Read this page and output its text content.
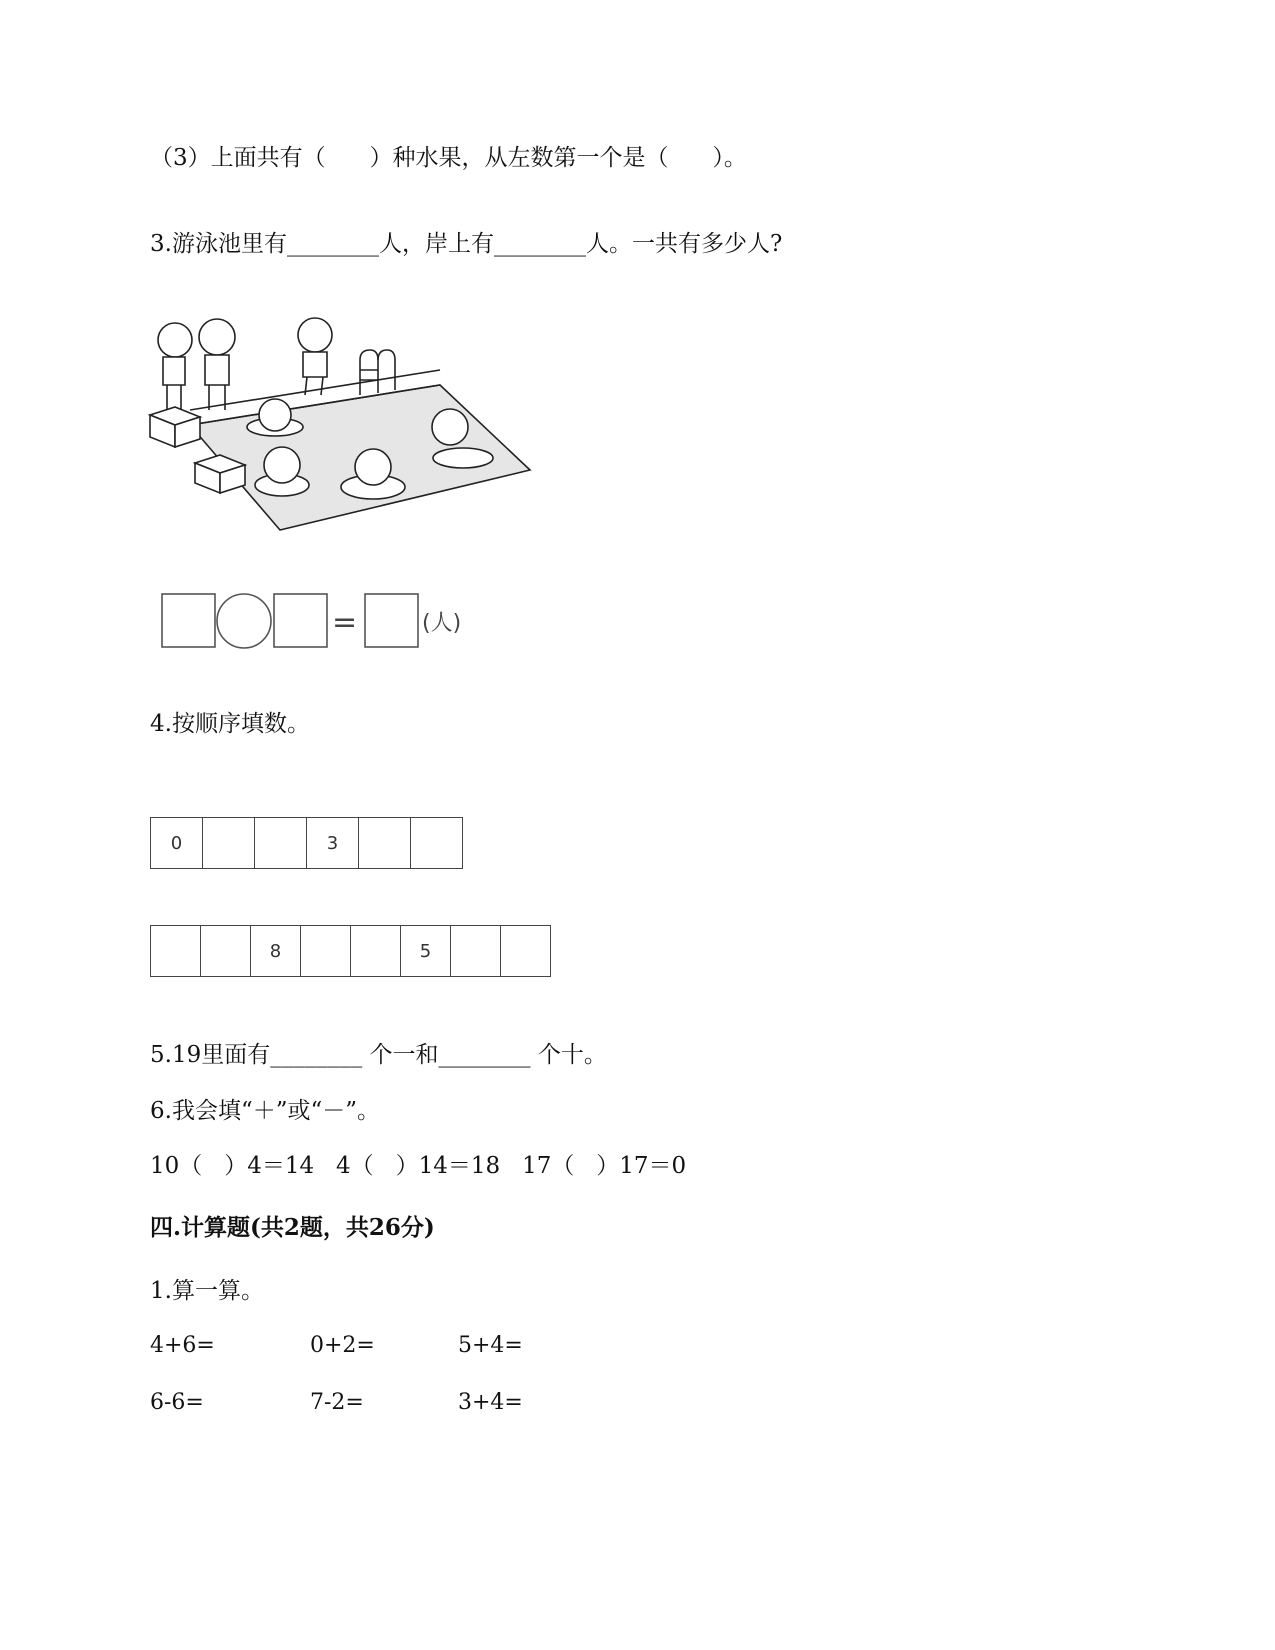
（3）上面共有（      ）种水果，从左数第一个是（      ）。
3.游泳池里有________人，岸上有________人。一共有多少人?
=	(人)
4.按顺序填数。
0			3		
		8			5		
5.19里面有________ 个一和________ 个十。
6.我会填“＋”或“－”。
10（   ）4＝14   4（   ）14＝18   17（   ）17＝0
四.计算题(共2题，共26分)
1.算一算。
4+6=	0+2=	5+4=
6-6=	7-2=	3+4=
